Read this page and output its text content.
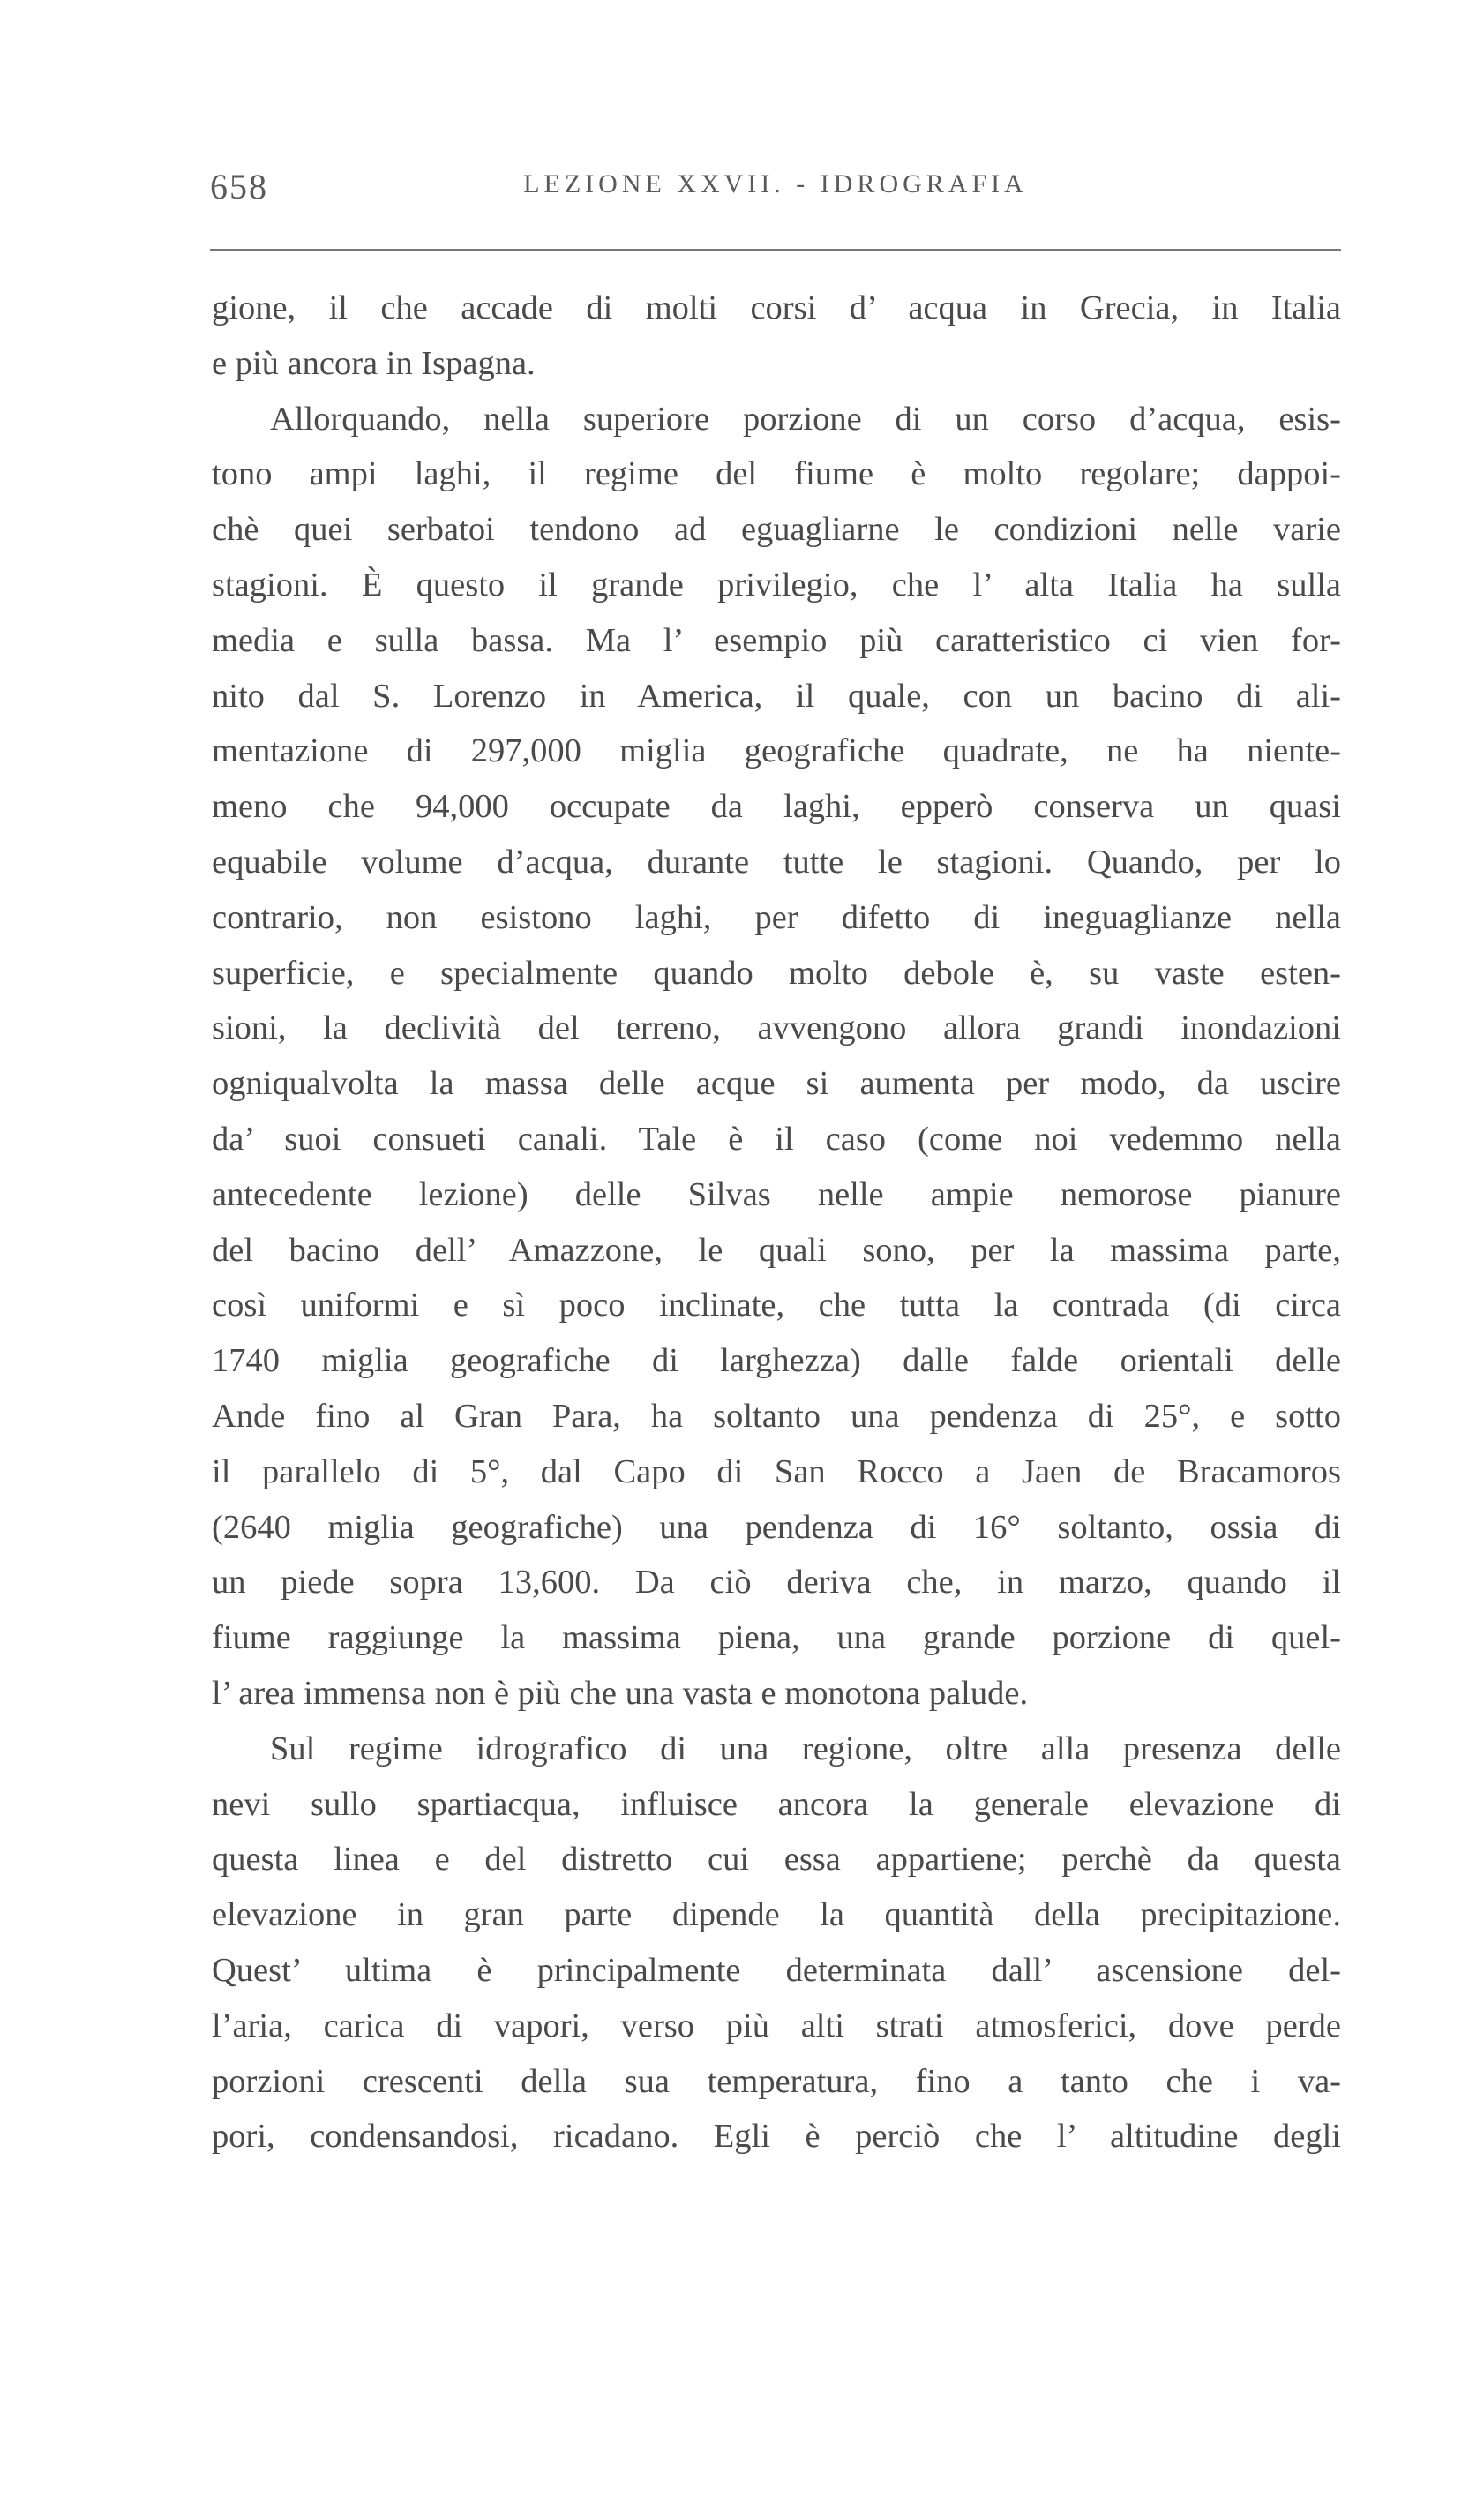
658	LEZIONE XXVII. - IDROGRAFIA
gione, il che accade di molti corsi d’ acqua in Grecia, in Italia
e più ancora in Ispagna.
Allorquando, nella superiore porzione di un corso d’acqua, esis-
tono ampi laghi, il regime del fiume è molto regolare; dappoi-
chè quei serbatoi tendono ad eguagliarne le condizioni nelle varie
stagioni. È questo il grande privilegio, che l’ alta Italia ha sulla
media e sulla bassa. Ma l’ esempio più caratteristico ci vien for-
nito dal S. Lorenzo in America, il quale, con un bacino di ali-
mentazione di 297,000 miglia geografiche quadrate, ne ha niente-
meno che 94,000 occupate da laghi, epperò conserva un quasi
equabile volume d’acqua, durante tutte le stagioni. Quando, per lo
contrario, non esistono laghi, per difetto di ineguaglianze nella
superficie, e specialmente quando molto debole è, su vaste esten-
sioni, la declività del terreno, avvengono allora grandi inondazioni
ogniqualvolta la massa delle acque si aumenta per modo, da uscire
da’ suoi consueti canali. Tale è il caso (come noi vedemmo nella
antecedente lezione) delle Silvas nelle ampie nemorose pianure
del bacino dell’ Amazzone, le quali sono, per la massima parte,
così uniformi e sì poco inclinate, che tutta la contrada (di circa
1740 miglia geografiche di larghezza) dalle falde orientali delle
Ande fino al Gran Para, ha soltanto una pendenza di 25°, e sotto
il parallelo di 5°, dal Capo di San Rocco a Jaen de Bracamoros
(2640 miglia geografiche) una pendenza di 16° soltanto, ossia di
un piede sopra 13,600. Da ciò deriva che, in marzo, quando il
fiume raggiunge la massima piena, una grande porzione di quel-
l’ area immensa non è più che una vasta e monotona palude.
Sul regime idrografico di una regione, oltre alla presenza delle
nevi sullo spartiacqua, influisce ancora la generale elevazione di
questa linea e del distretto cui essa appartiene; perchè da questa
elevazione in gran parte dipende la quantità della precipitazione.
Quest’ ultima è principalmente determinata dall’ ascensione del-
l’aria, carica di vapori, verso più alti strati atmosferici, dove perde
porzioni crescenti della sua temperatura, fino a tanto che i va-
pori, condensandosi, ricadano. Egli è perciò che l’ altitudine degli
